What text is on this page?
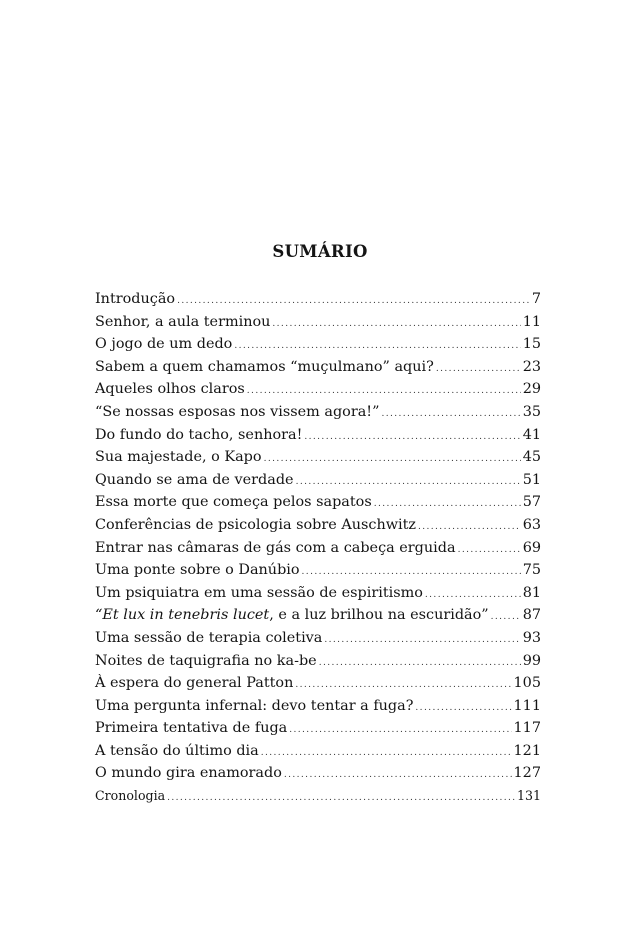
SUMÁRIO
Introdução .....	7
Senhor, a aula terminou .....	11
O jogo de um dedo .....	15
Sabem a quem chamamos “muçulmano” aqui? .....	23
Aqueles olhos claros .....	29
“Se nossas esposas nos vissem agora!” .....	35
Do fundo do tacho, senhora! .....	41
Sua majestade, o Kapo .....	45
Quando se ama de verdade .....	51
Essa morte que começa pelos sapatos .....	57
Conferências de psicologia sobre Auschwitz .....	63
Entrar nas câmaras de gás com a cabeça erguida .....	69
Uma ponte sobre o Danúbio .....	75
Um psiquiatra em uma sessão de espiritismo .....	81
“Et lux in tenebris lucet, e a luz brilhou na escuridão” ..... 87
Uma sessão de terapia coletiva .....	93
Noites de taquigrafia no ka-be .....	99
À espera do general Patton .....	105
Uma pergunta infernal: devo tentar a fuga? .....	111
Primeira tentativa de fuga .....	117
A tensão do último dia .....	121
O mundo gira enamorado .....	127
Cronologia .....	131
